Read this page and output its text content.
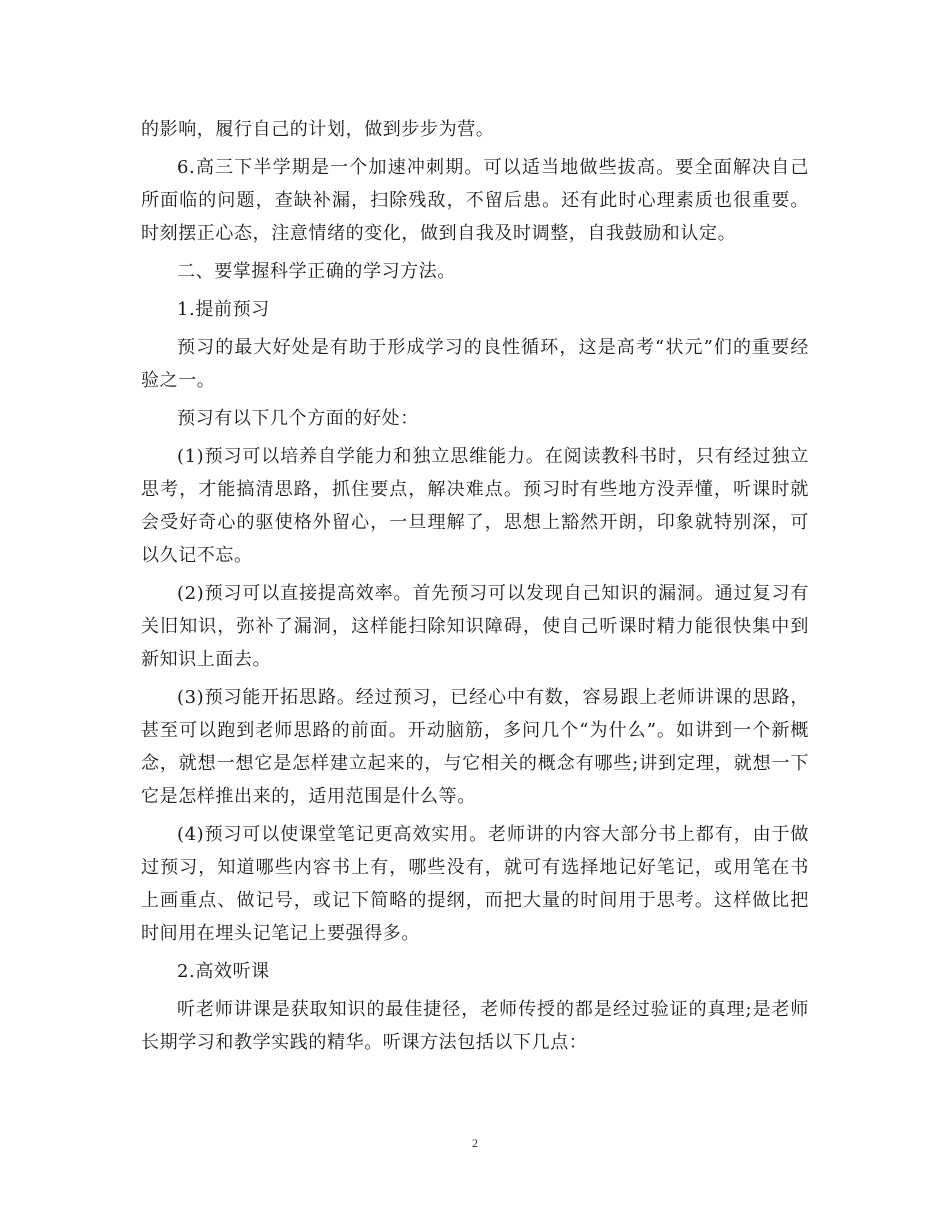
的影响，履行自己的计划，做到步步为营。

6.高三下半学期是一个加速冲刺期。可以适当地做些拔高。要全面解决自己所面临的问题，查缺补漏，扫除残敌，不留后患。还有此时心理素质也很重要。时刻摆正心态，注意情绪的变化，做到自我及时调整，自我鼓励和认定。

二、要掌握科学正确的学习方法。

1.提前预习

预习的最大好处是有助于形成学习的良性循环，这是高考“状元”们的重要经验之一。

预习有以下几个方面的好处：

(1)预习可以培养自学能力和独立思维能力。在阅读教科书时，只有经过独立思考，才能搞清思路，抓住要点，解决难点。预习时有些地方没弄懂，听课时就会受好奇心的驱使格外留心，一旦理解了，思想上豁然开朗，印象就特别深，可以久记不忘。

(2)预习可以直接提高效率。首先预习可以发现自己知识的漏洞。通过复习有关旧知识，弥补了漏洞，这样能扫除知识障碍，使自己听课时精力能很快集中到新知识上面去。

(3)预习能开拓思路。经过预习，已经心中有数，容易跟上老师讲课的思路，甚至可以跑到老师思路的前面。开动脑筋，多问几个“为什么”。如讲到一个新概念，就想一想它是怎样建立起来的，与它相关的概念有哪些;讲到定理，就想一下它是怎样推出来的，适用范围是什么等。

(4)预习可以使课堂笔记更高效实用。老师讲的内容大部分书上都有，由于做过预习，知道哪些内容书上有，哪些没有，就可有选择地记好笔记，或用笔在书上画重点、做记号，或记下简略的提纲，而把大量的时间用于思考。这样做比把时间用在埋头记笔记上要强得多。

2.高效听课

听老师讲课是获取知识的最佳捷径，老师传授的都是经过验证的真理;是老师长期学习和教学实践的精华。听课方法包括以下几点：

2
